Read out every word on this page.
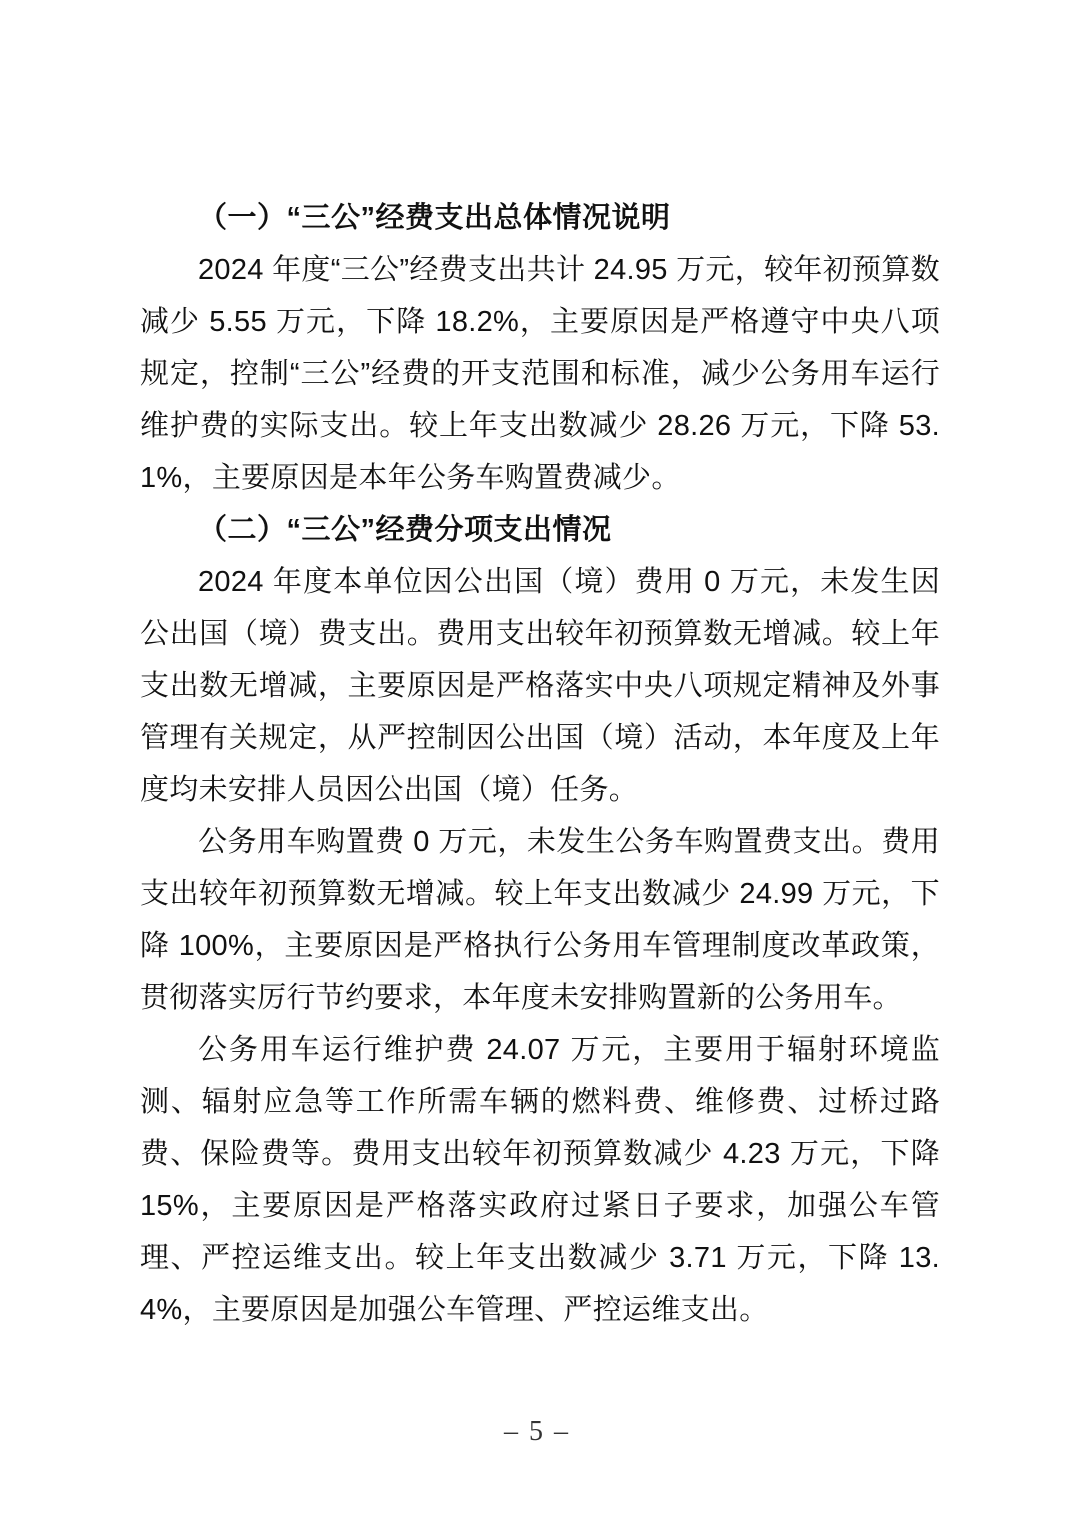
（一）“三公”经费支出总体情况说明

2024 年度“三公”经费支出共计 24.95 万元，较年初预算数减少 5.55 万元，下降 18.2%，主要原因是严格遵守中央八项规定，控制“三公”经费的开支范围和标准，减少公务用车运行维护费的实际支出。较上年支出数减少 28.26 万元，下降 53.1%，主要原因是本年公务车购置费减少。

（二）“三公”经费分项支出情况

2024 年度本单位因公出国（境）费用 0 万元，未发生因公出国（境）费支出。费用支出较年初预算数无增减。较上年支出数无增减，主要原因是严格落实中央八项规定精神及外事管理有关规定，从严控制因公出国（境）活动，本年度及上年度均未安排人员因公出国（境）任务。

公务用车购置费 0 万元，未发生公务车购置费支出。费用支出较年初预算数无增减。较上年支出数减少 24.99 万元，下降 100%，主要原因是严格执行公务用车管理制度改革政策，贯彻落实厉行节约要求，本年度未安排购置新的公务用车。

公务用车运行维护费 24.07 万元，主要用于辐射环境监测、辐射应急等工作所需车辆的燃料费、维修费、过桥过路费、保险费等。费用支出较年初预算数减少 4.23 万元，下降 15%，主要原因是严格落实政府过紧日子要求，加强公车管理、严控运维支出。较上年支出数减少 3.71 万元，下降 13.4%，主要原因是加强公车管理、严控运维支出。

– 5 –
